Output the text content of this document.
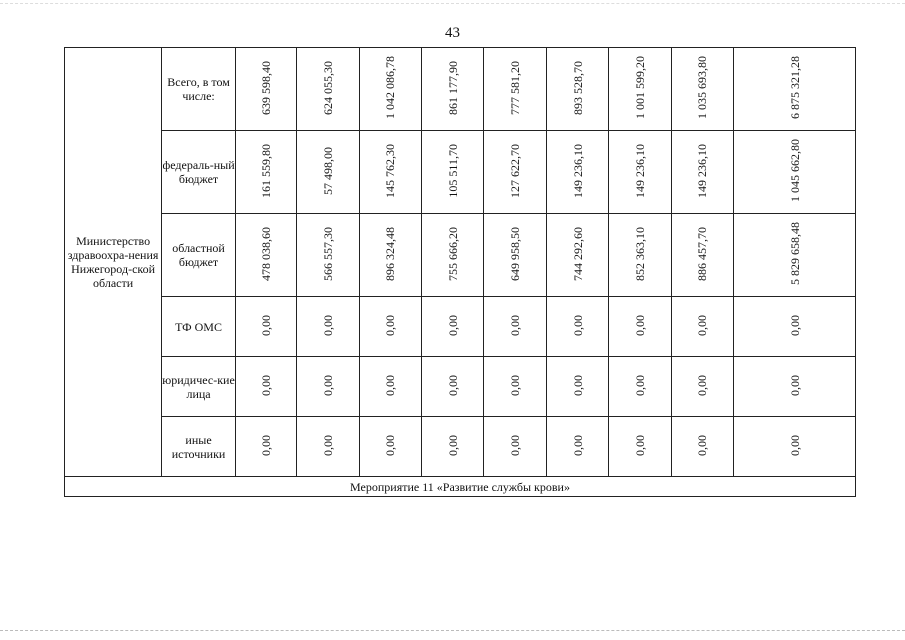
43
Министерство здравоохра-нения Нижегород-ской области	Всего, в том числе:	639 598,40	624 055,30	1 042 086,78	861 177,90	777 581,20	893 528,70	1 001 599,20	1 035 693,80	6 875 321,28
	федераль-ный бюджет	161 559,80	57 498,00	145 762,30	105 511,70	127 622,70	149 236,10	149 236,10	149 236,10	1 045 662,80
	областной бюджет	478 038,60	566 557,30	896 324,48	755 666,20	649 958,50	744 292,60	852 363,10	886 457,70	5 829 658,48
	ТФ ОМС	0,00	0,00	0,00	0,00	0,00	0,00	0,00	0,00	0,00
	юридичес-кие лица	0,00	0,00	0,00	0,00	0,00	0,00	0,00	0,00	0,00
	иные источники	0,00	0,00	0,00	0,00	0,00	0,00	0,00	0,00	0,00
Мероприятие 11 «Развитие службы крови»										
